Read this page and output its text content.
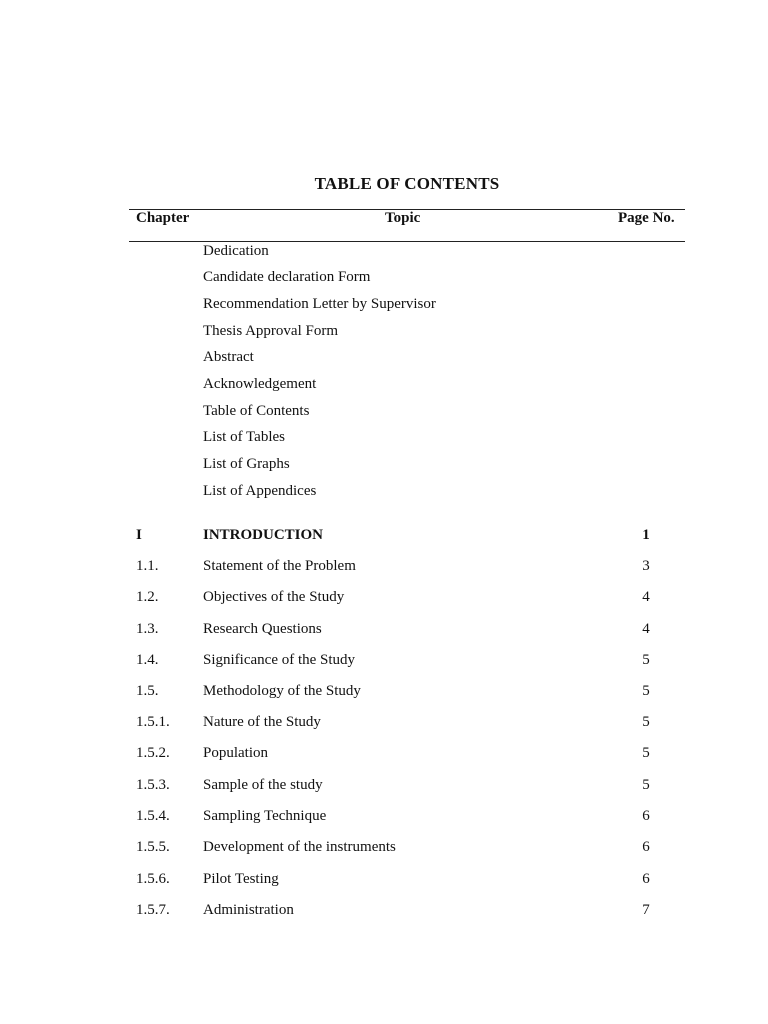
TABLE OF CONTENTS
Chapter	Topic	Page No.
Dedication
Candidate declaration Form
Recommendation Letter by Supervisor
Thesis Approval Form
Abstract
Acknowledgement
Table of Contents
List of Tables
List of Graphs
List of Appendices
I	INTRODUCTION	1
1.1.	Statement of the Problem	3
1.2.	Objectives of the Study	4
1.3.	Research Questions	4
1.4.	Significance of the Study	5
1.5.	Methodology of the Study	5
1.5.1. Nature of the Study	5
1.5.2. Population	5
1.5.3. Sample of the study	5
1.5.4. Sampling Technique	6
1.5.5. Development of the instruments	6
1.5.6. Pilot Testing	6
1.5.7. Administration	7
